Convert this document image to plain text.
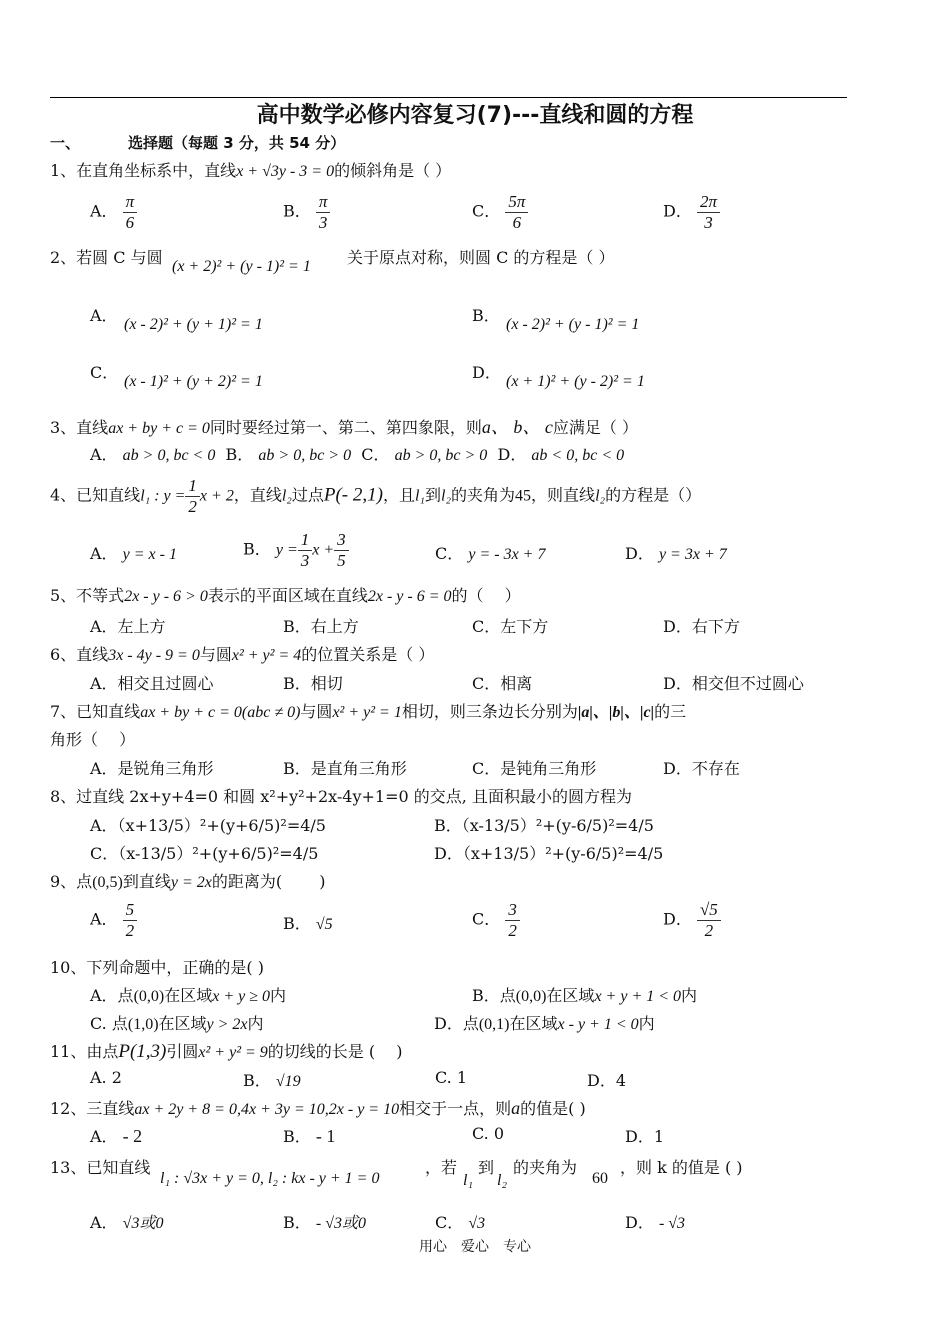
高中数学必修内容复习(7)---直线和圆的方程
一、	选择题（每题 3 分，共 54 分）
1、在直角坐标系中，直线x + √3y - 3 = 0的倾斜角是（ ）
A． $\frac{\pi}{6}$	B． $\frac{\pi}{3}$	C． $\frac{5\pi}{6}$	D． $\frac{2\pi}{3}$
2、若圆 C 与圆 (x + 2)² + (y - 1)² = 1 关于原点对称，则圆 C 的方程是（ ）
A． (x - 2)² + (y + 1)² = 1	B． (x - 2)² + (y - 1)² = 1
C． (x - 1)² + (y + 2)² = 1	D． (x + 1)² + (y - 2)² = 1
3、直线ax + by + c = 0同时要经过第一、第二、第四象限，则a、 b、 c应满足（ ）
A． ab > 0, bc < 0 B． ab > 0, bc > 0 C． ab > 0, bc > 0 D． ab < 0, bc < 0
4、已知直线l₁ : $y = \frac{1}{2}$ x + 2，直线l₂过点P(- 2,1)，且l₁到l₂的夹角为45，则直线l₂的方程是（）
A． y = x - 1	B． $y = \frac{1}{3}$ $x + \frac{3}{5}$	C． y = - 3x + 7	D． y = 3x + 7
5、不等式2x - y - 6 > 0表示的平面区域在直线2x - y - 6 = 0的（　 ）
A．左上方	B．右上方	C．左下方	D．右下方
6、直线3x - 4y - 9 = 0与圆x² + y² = 4的位置关系是（ ）
A．相交且过圆心	B．相切	C．相离	D．相交但不过圆心
7、已知直线ax + by + c = 0(abc ≠ 0)与圆x² + y² = 1相切，则三条边长分别为|a|、|b|、|c|的三
角形（　 ）
A．是锐角三角形	B．是直角三角形	C．是钝角三角形	D．不存在
8、过直线 2x+y+4=0 和圆 x²+y²+2x-4y+1=0 的交点, 且面积最小的圆方程为
A．（x+13/5）²+(y+6/5)²=4/5	B．（x-13/5）²+(y-6/5)²=4/5
C．（x-13/5）²+(y+6/5)²=4/5	D．（x+13/5）²+(y-6/5)²=4/5
9、点(0,5)到直线y = 2x的距离为(　　 )
A． $\frac{5}{2}$	B． √5	C． $\frac{3}{2}$	D． $\frac{√5}{2}$
10、下列命题中，正确的是( )
A．点(0,0)在区域x + y ≥ 0内	B．点(0,0)在区域x + y + 1 < 0内
C. 点(1,0)在区域y > 2x内	D．点(0,1)在区域x - y + 1 < 0内
11、由点P(1,3)引圆x² + y² = 9的切线的长是 (　 )
A. 2	B． √19	C. 1	D．4
12、三直线ax + 2y + 8 = 0,4x + 3y = 10,2x - y = 10相交于一点，则a的值是( )
A． - 2	B． - 1	C. 0	D．1
13、已知直线
l₁ : √3x + y = 0, l₂ : kx - y + 1 = 0
，若
l₁
到
l₂
的夹角为
60
，则 k 的值是 ( )
A． √3或0	B． - √3或0	C． √3	D． - √3
用心　爱心　专心
